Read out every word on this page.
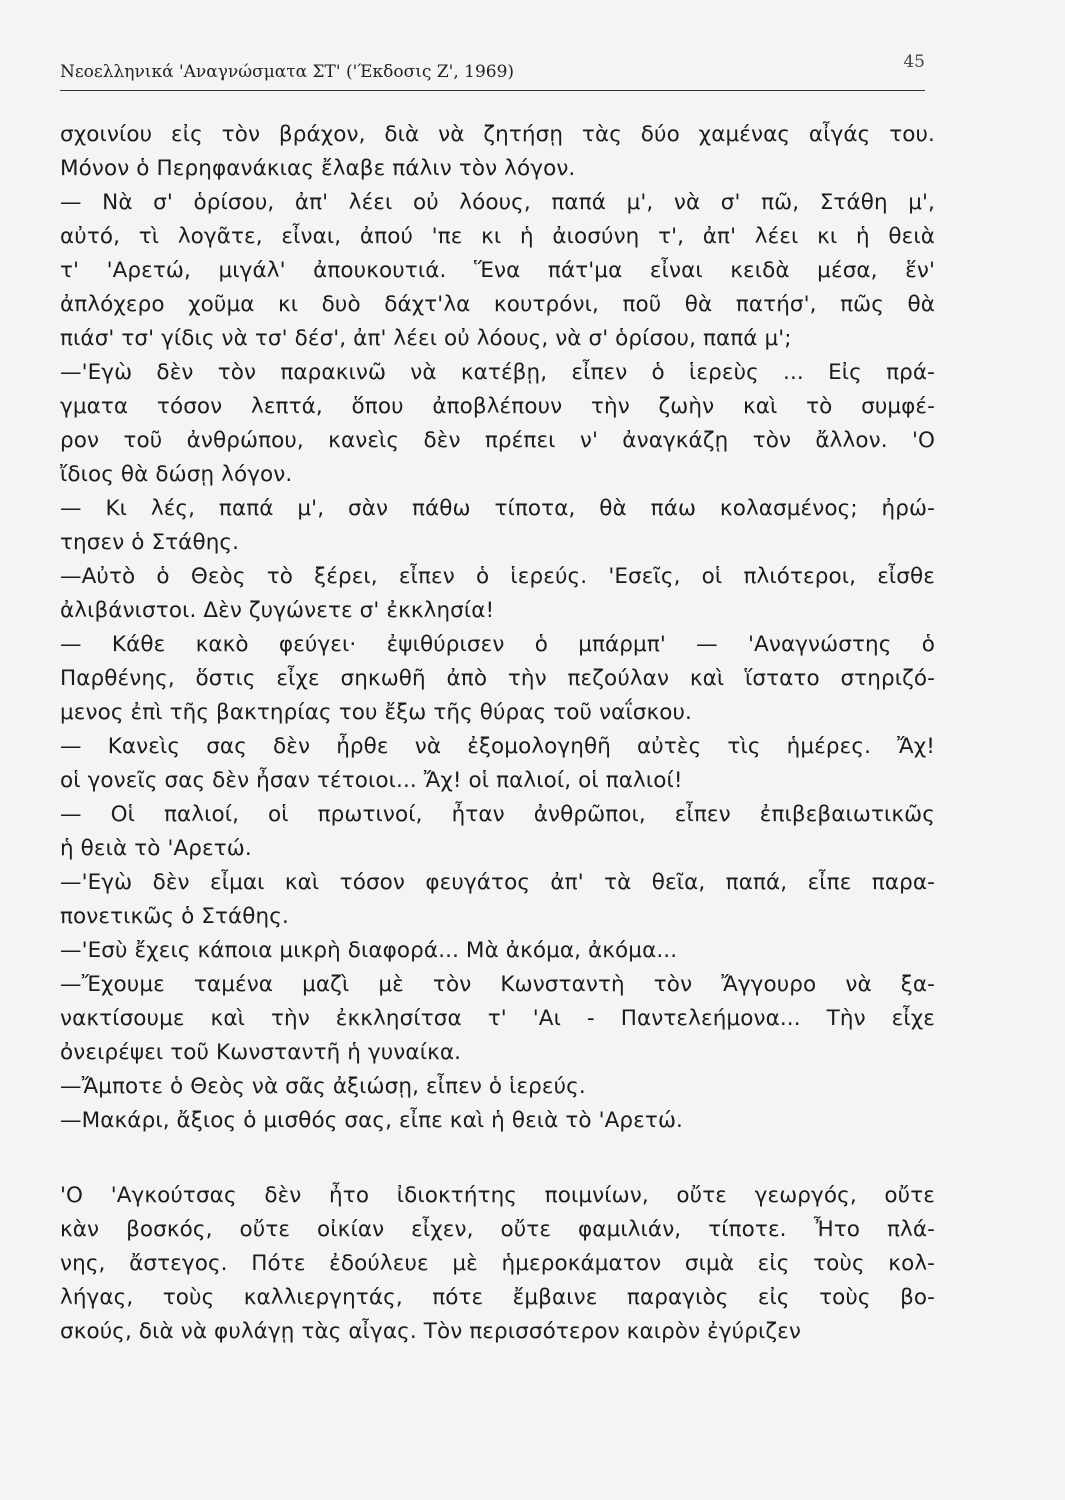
Νεοελληνικά 'Αναγνώσματα ΣΤ' ('Έκδοσις Ζ', 1969)	45
σχοινίου εἰς τὸν βράχον, διὰ νὰ ζητήσῃ τὰς δύο χαμένας αἶγάς του.
Μόνον ὁ Περηφανάκιας ἔλαβε πάλιν τὸν λόγον.
— Νὰ σ' ὁρίσου, ἀπ' λέει οὐ λόους, παπά μ', νὰ σ' πῶ, Στάθη μ',
αὐτό, τὶ λογᾶτε, εἶναι, ἀπού 'πε κι ἡ ἀιοσύνη τ', ἀπ' λέει κι ἡ θειὰ
τ' 'Αρετώ, μιγάλ' ἀπουκουτιά. Ἕνα πάτ'μα εἶναι κειδὰ μέσα, ἕν'
ἀπλόχερο χοῦμα κι δυὸ δάχτ'λα κουτρόνι, ποῦ θὰ πατήσ', πῶς θὰ
πιάσ' τσ' γίδις νὰ τσ' δέσ', ἀπ' λέει οὐ λόους, νὰ σ' ὁρίσου, παπά μ';
—'Εγὼ δὲν τὸν παρακινῶ νὰ κατέβῃ, εἶπεν ὁ ἱερεὺς ... Εἰς πρά-
γματα τόσον λεπτά, ὅπου ἀποβλέπουν τὴν ζωὴν καὶ τὸ συμφέ-
ρον τοῦ ἀνθρώπου, κανεὶς δὲν πρέπει ν' ἀναγκάζῃ τὸν ἄλλον. 'Ο
ἴδιος θὰ δώσῃ λόγον.
— Κι λές, παπά μ', σὰν πάθω τίποτα, θὰ πάω κολασμένος; ἠρώ-
τησεν ὁ Στάθης.
—Αὐτὸ ὁ Θεὸς τὸ ξέρει, εἶπεν ὁ ἱερεύς. 'Εσεῖς, οἱ πλιότεροι, εἶσθε
ἀλιβάνιστοι. Δὲν ζυγώνετε σ' ἐκκλησία!
— Κάθε κακὸ φεύγει· ἐψιθύρισεν ὁ μπάρμπ' — 'Αναγνώστης ὁ
Παρθένης, ὅστις εἶχε σηκωθῆ ἀπὸ τὴν πεζούλαν καὶ ἵστατο στηριζό-
μενος ἐπὶ τῆς βακτηρίας του ἔξω τῆς θύρας τοῦ ναΐσκου.
— Κανεὶς σας δὲν ἦρθε νὰ ἐξομολογηθῆ αὐτὲς τὶς ἡμέρες. Ἄχ!
οἱ γονεῖς σας δὲν ἦσαν τέτοιοι... Ἄχ! οἱ παλιοί, οἱ παλιοί!
— Οἱ παλιοί, οἱ πρωτινοί, ἦταν ἀνθρῶποι, εἶπεν ἐπιβεβαιωτικῶς
ἡ θειὰ τὸ 'Αρετώ.
—'Εγὼ δὲν εἶμαι καὶ τόσον φευγάτος ἀπ' τὰ θεῖα, παπά, εἶπε παρα-
πονετικῶς ὁ Στάθης.
—'Εσὺ ἔχεις κάποια μικρὴ διαφορά... Μὰ ἀκόμα, ἀκόμα...
—Ἔχουμε ταμένα μαζὶ μὲ τὸν Κωνσταντὴ τὸν Ἄγγουρο νὰ ξα-
νακτίσουμε καὶ τὴν ἐκκλησίτσα τ' 'Αι - Παντελεήμονα... Τὴν εἶχε
ὀνειρέψει τοῦ Κωνσταντῆ ἡ γυναίκα.
—Ἄμποτε ὁ Θεὸς νὰ σᾶς ἀξιώσῃ, εἶπεν ὁ ἱερεύς.
—Μακάρι, ἄξιος ὁ μισθός σας, εἶπε καὶ ἡ θειὰ τὸ 'Αρετώ.
'Ο 'Αγκούτσας δὲν ἦτο ἰδιοκτήτης ποιμνίων, οὔτε γεωργός, οὔτε
κὰν βοσκός, οὔτε οἰκίαν εἶχεν, οὔτε φαμιλιάν, τίποτε. Ἦτο πλά-
νης, ἄστεγος. Πότε ἐδούλευε μὲ ἡμεροκάματον σιμὰ εἰς τοὺς κολ-
λήγας, τοὺς καλλιεργητάς, πότε ἔμβαινε παραγιὸς εἰς τοὺς βο-
σκούς, διὰ νὰ φυλάγῃ τὰς αἶγας. Τὸν περισσότερον καιρὸν ἐγύριζεν
